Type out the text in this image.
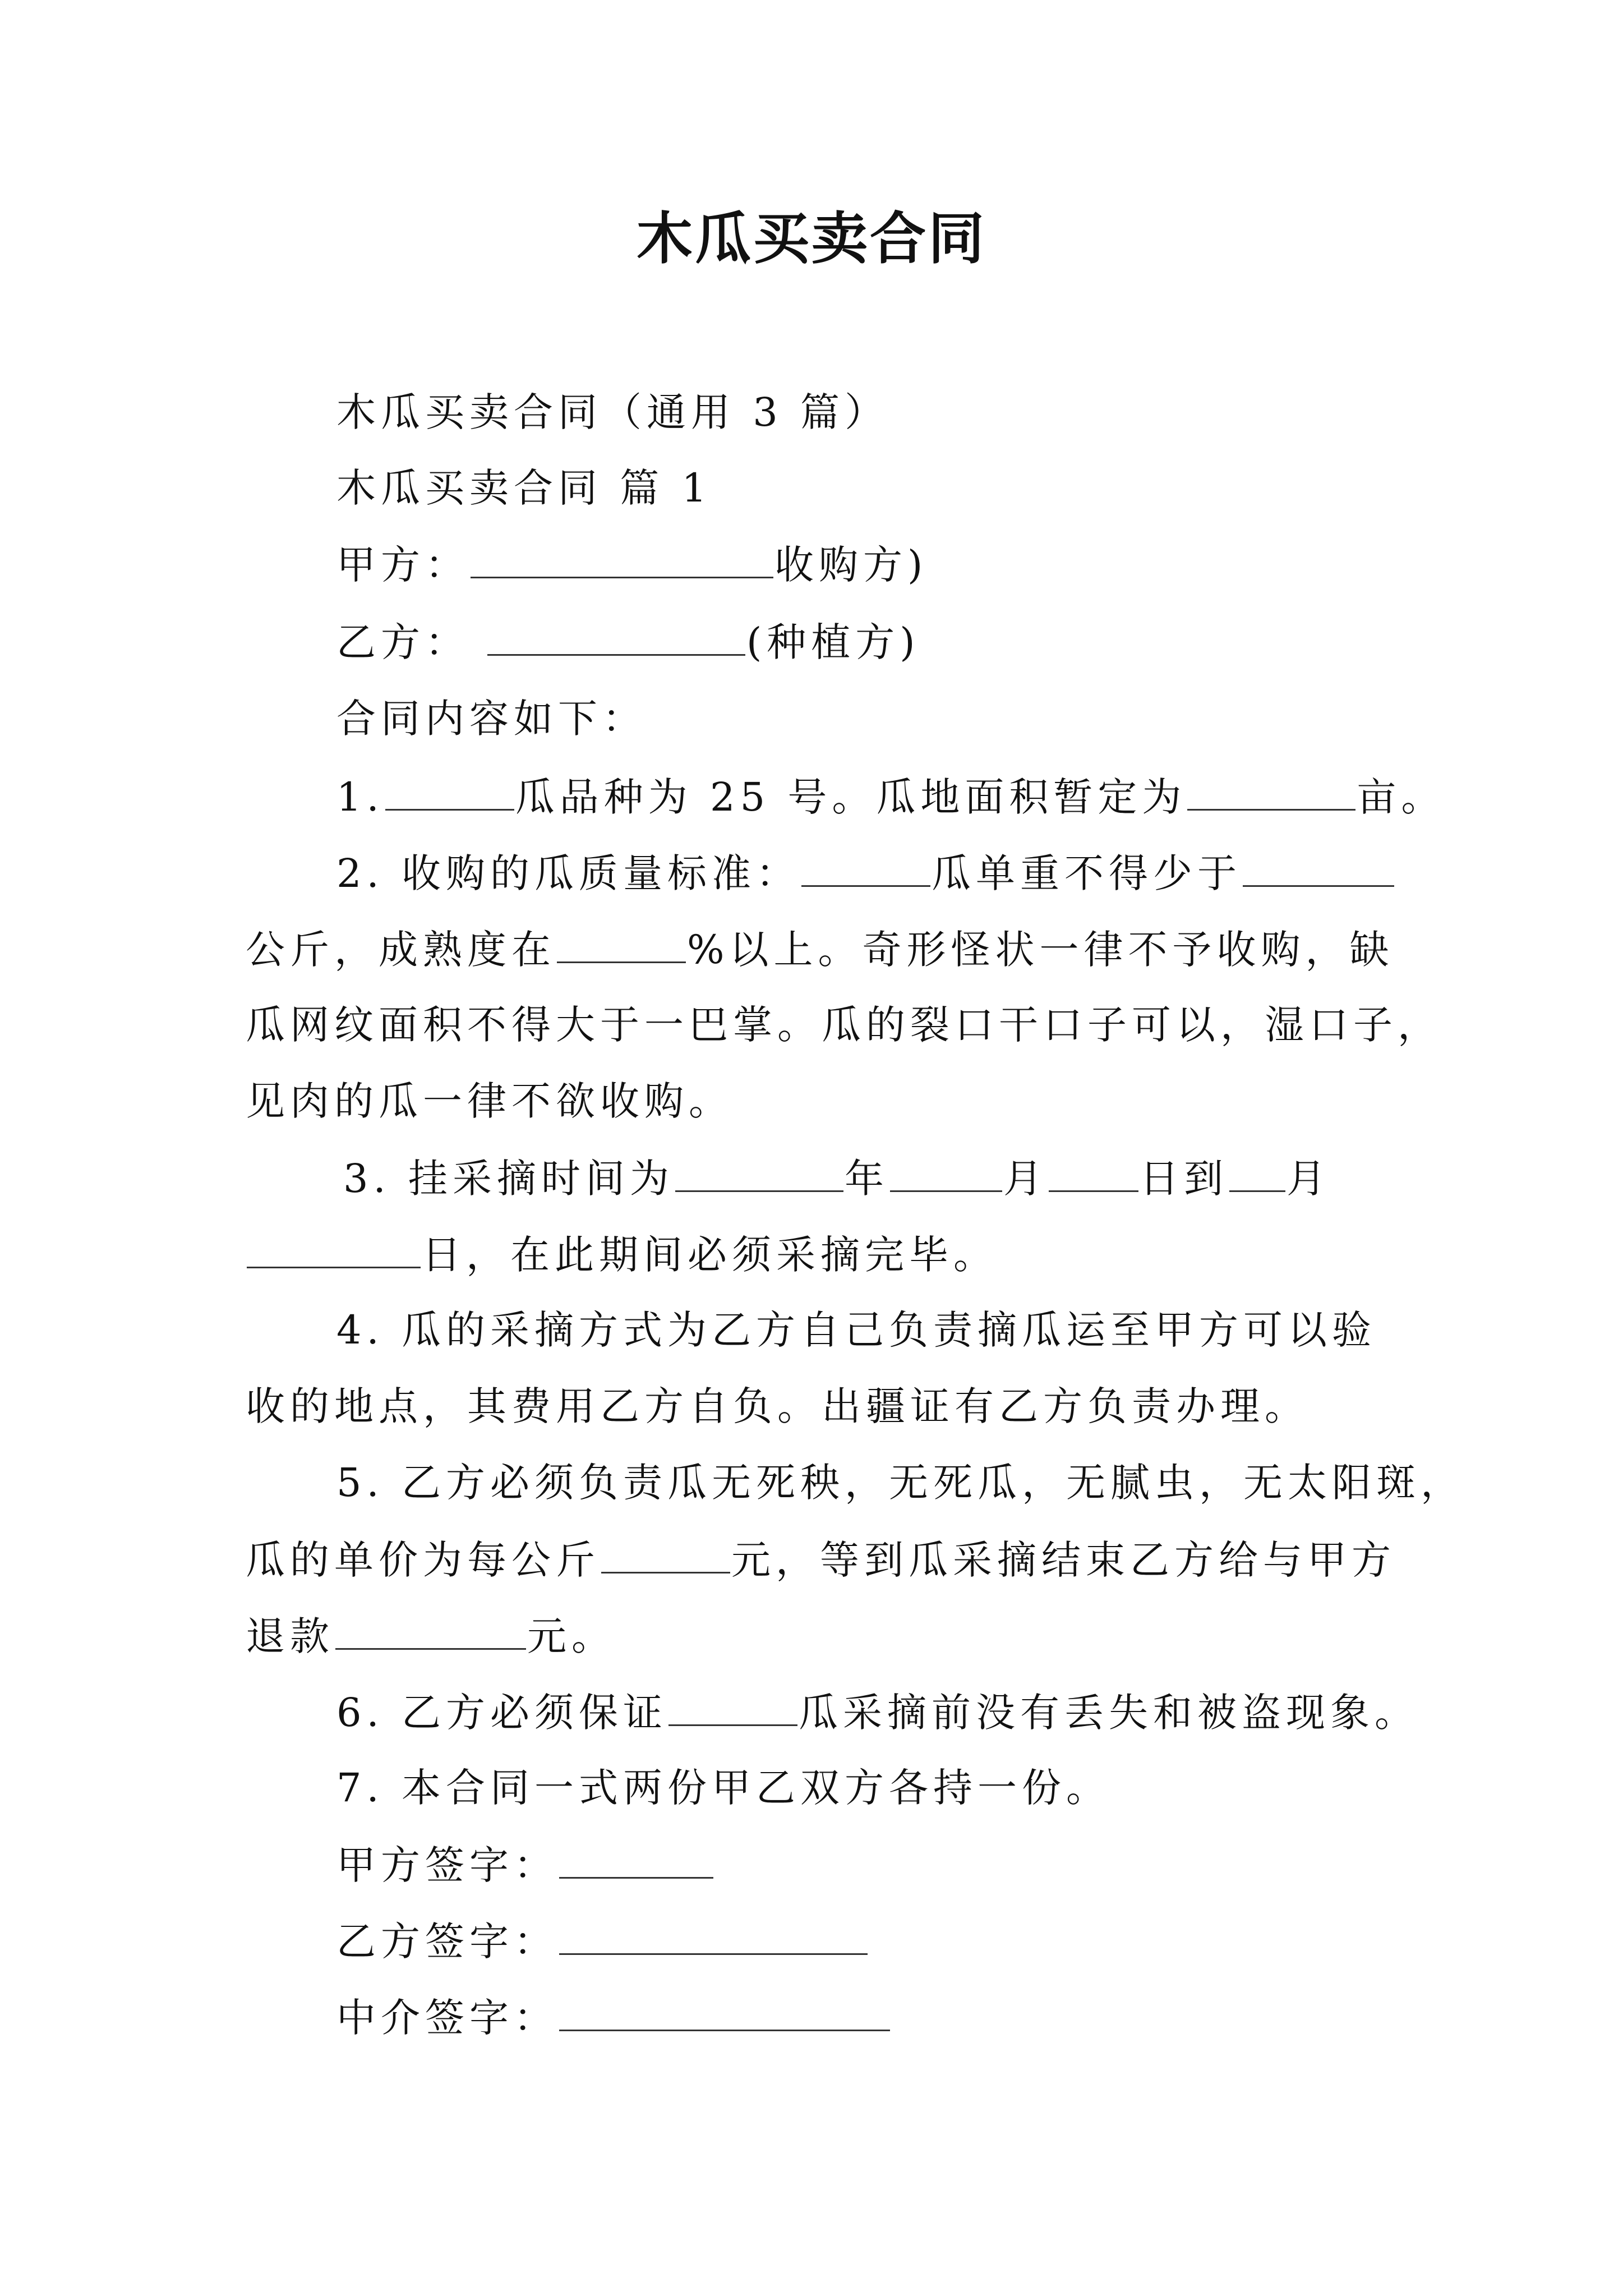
木瓜买卖合同
木瓜买卖合同（通用 3 篇）
木瓜买卖合同 篇 1
甲方：	收购方)
乙方：	(种植方)
合同内容如下：
1.	瓜品种为 25 号。瓜地面积暂定为	亩。
2. 收购的瓜质量标准：	瓜单重不得少于
公斤，成熟度在	%以上。奇形怪状一律不予收购，缺
瓜网纹面积不得大于一巴掌。瓜的裂口干口子可以，湿口子，
见肉的瓜一律不欲收购。
3. 挂采摘时间为	年	月 日到 月
日，在此期间必须采摘完毕。
4. 瓜的采摘方式为乙方自己负责摘瓜运至甲方可以验
收的地点，其费用乙方自负。出疆证有乙方负责办理。
5. 乙方必须负责瓜无死秧，无死瓜，无腻虫，无太阳斑，
瓜的单价为每公斤	元，等到瓜采摘结束乙方给与甲方
退款	元。
6. 乙方必须保证	瓜采摘前没有丢失和被盗现象。
7. 本合同一式两份甲乙双方各持一份。
甲方签字：
乙方签字：
中介签字：
